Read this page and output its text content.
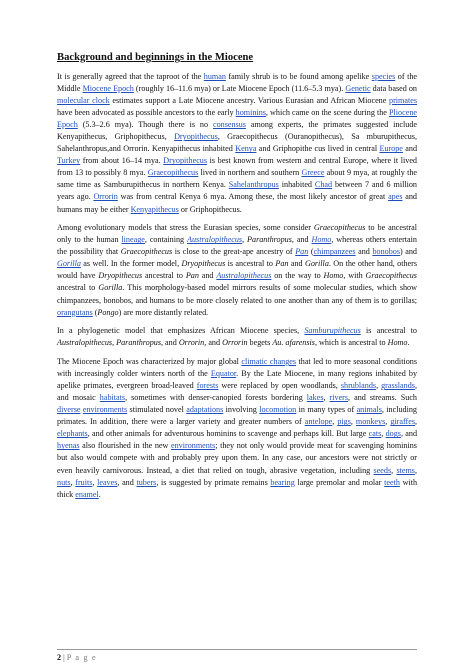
Background and beginnings in the Miocene

It is generally agreed that the taproot of the human family shrub is to be found among apelike species of the Middle Miocene Epoch (roughly 16–11.6 mya) or Late Miocene Epoch (11.6–5.3 mya). Genetic data based on molecular clock estimates support a Late Miocene ancestry. Various Eurasian and African Miocene primates have been advocated as possible ancestors to the early hominins, which came on the scene during the Pliocene Epoch (5.3–2.6 mya). Though there is no consensus among experts, the primates suggested include Kenyapithecus, Griphopithecus, Dryopithecus, Graecopithecus (Ouranopithecus), Sa mburupithecus, Sahelanthropus,and Orrorin. Kenyapithecus inhabited Kenya and Griphopithe cus lived in central Europe and Turkey from about 16–14 mya. Dryopithecus is best known from western and central Europe, where it lived from 13 to possibly 8 mya. Graecopithecus lived in northern and southern Greece about 9 mya, at roughly the same time as Samburupithecus in northern Kenya. Sahelanthropus inhabited Chad between 7 and 6 million years ago. Orrorin was from central Kenya 6 mya. Among these, the most likely ancestor of great apes and humans may be either Kenyapithecus or Griphopithecus.

Among evolutionary models that stress the Eurasian species, some consider Graecopithecus to be ancestral only to the human lineage, containing Australopithecus, Paranthropus, and Homo, whereas others entertain the possibility that Graecopithecus is close to the great-ape ancestry of Pan (chimpanzees and bonobos) and Gorilla as well. In the former model, Dryopithecus is ancestral to Pan and Gorilla. On the other hand, others would have Dryopithecus ancestral to Pan and Australopithecus on the way to Homo, with Graecopithecus ancestral to Gorilla. This morphology-based model mirrors results of some molecular studies, which show chimpanzees, bonobos, and humans to be more closely related to one another than any of them is to gorillas; orangutans (Pongo) are more distantly related.

In a phylogenetic model that emphasizes African Miocene species, Samburupithecus is ancestral to Australopithecus, Paranthropus, and Orrorin, and Orrorin begets Au. afarensis, which is ancestral to Homo.

The Miocene Epoch was characterized by major global climatic changes that led to more seasonal conditions with increasingly colder winters north of the Equator. By the Late Miocene, in many regions inhabited by apelike primates, evergreen broad-leaved forests were replaced by open woodlands, shrublands, grasslands, and mosaic habitats, sometimes with denser-canopied forests bordering lakes, rivers, and streams. Such diverse environments stimulated novel adaptations involving locomotion in many types of animals, including primates. In addition, there were a larger variety and greater numbers of antelope, pigs, monkeys, giraffes, elephants, and other animals for adventurous hominins to scavenge and perhaps kill. But large cats, dogs, and hyenas also flourished in the new environments; they not only would provide meat for scavenging hominins but also would compete with and probably prey upon them. In any case, our ancestors were not strictly or even heavily carnivorous. Instead, a diet that relied on tough, abrasive vegetation, including seeds, stems, nuts, fruits, leaves, and tubers, is suggested by primate remains bearing large premolar and molar teeth with thick enamel.

2 | P a g e
